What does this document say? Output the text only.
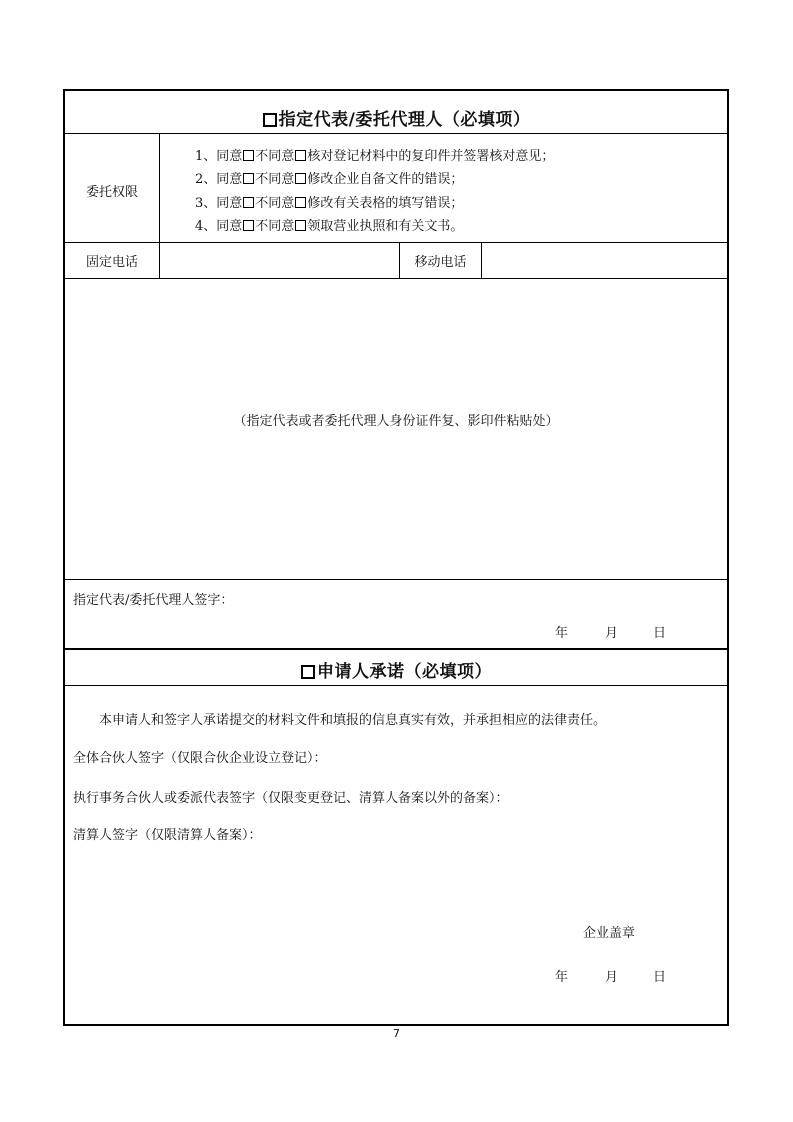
指定代表/委托代理人（必填项）
委托权限
1、同意 不同意 核对登记材料中的复印件并签署核对意见；
2、同意 不同意 修改企业自备文件的错误；
3、同意 不同意 修改有关表格的填写错误；
4、同意 不同意 领取营业执照和有关文书。
固定电话	移动电话
（指定代表或者委托代理人身份证件复、影印件粘贴处）
指定代表/委托代理人签字：
年	月	日
申请人承诺（必填项）
本申请人和签字人承诺提交的材料文件和填报的信息真实有效，并承担相应的法律责任。
全体合伙人签字（仅限合伙企业设立登记）：
执行事务合伙人或委派代表签字（仅限变更登记、清算人备案以外的备案）：
清算人签字（仅限清算人备案）：
企业盖章
年	月	日
7
